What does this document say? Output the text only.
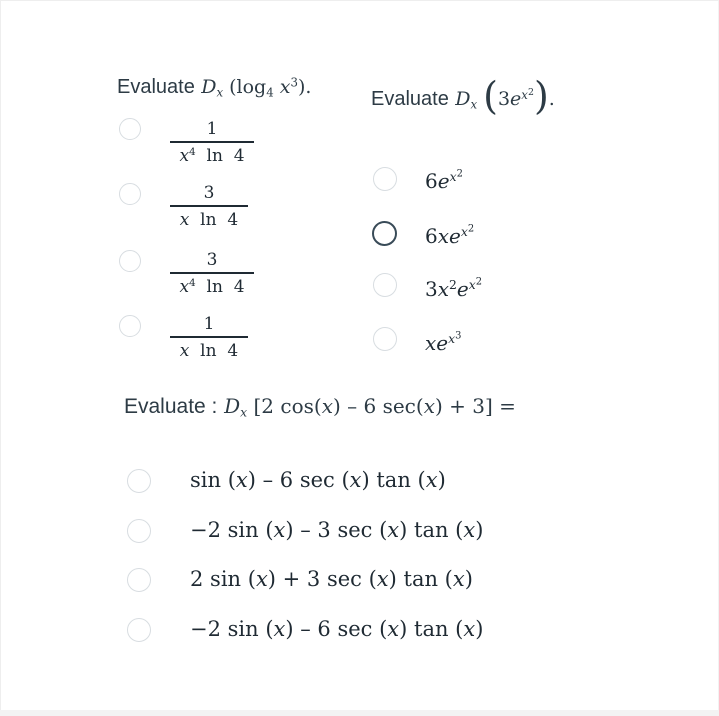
Evaluate $D_x$ ($\log_4$ $x^3$).
1
$x^4$  ln  4
3
x  ln  4
3
$x^4$  ln  4
1
x  ln  4
Evaluate $D_x$ $(3e^{x^2})$.
$6e^{x^2}$
$6xe^{x^2}$
$3x^2e^{x^2}$
$xe^{x^3}$
Evaluate : $D_x$ [2 cos(x) – 6 sec(x) + 3] =
sin (x) – 6 sec (x) tan (x)
−2 sin (x) – 3 sec (x) tan (x)
2 sin (x) + 3 sec (x) tan (x)
−2 sin (x) – 6 sec (x) tan (x)
